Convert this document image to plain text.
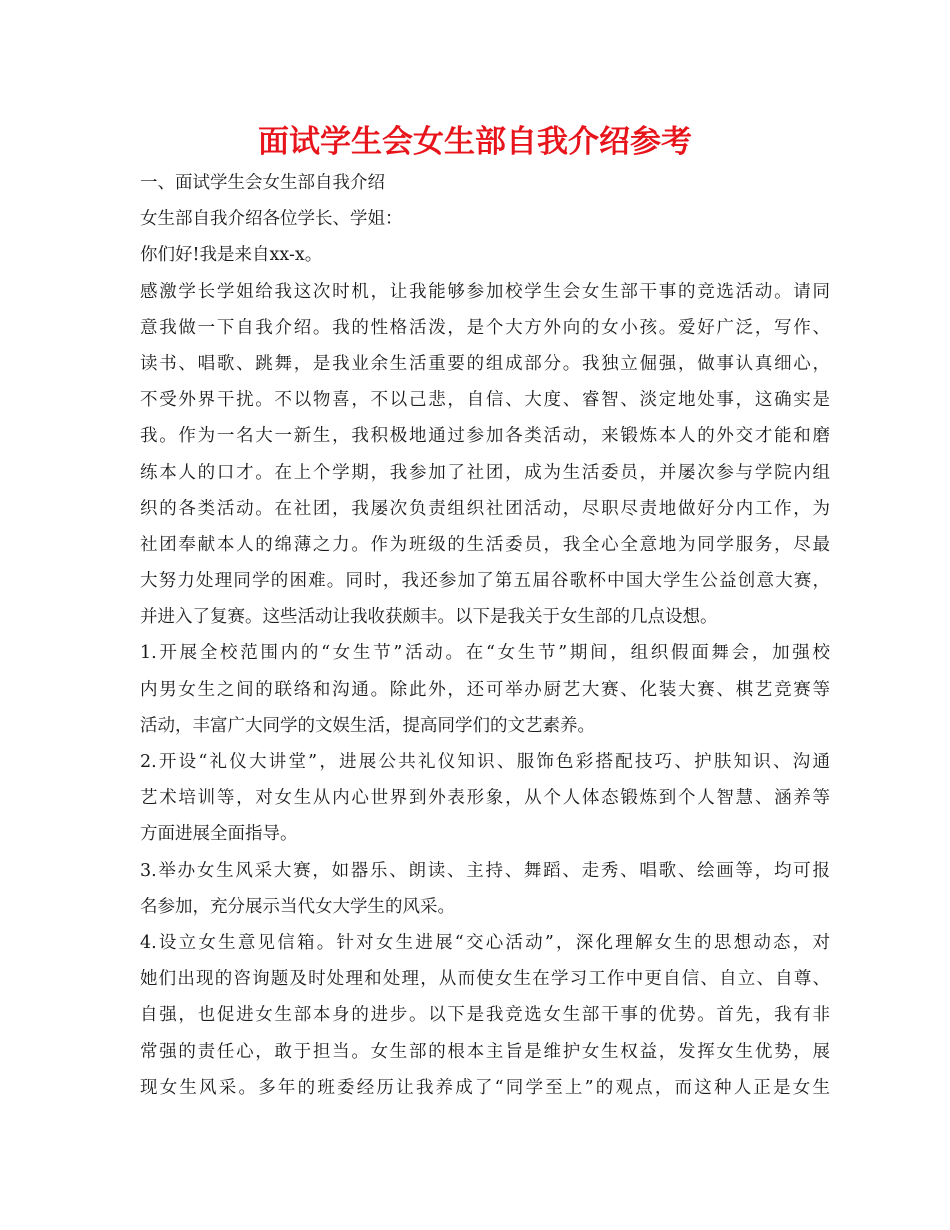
面试学生会女生部自我介绍参考
一、面试学生会女生部自我介绍
女生部自我介绍各位学长、学姐：
你们好!我是来自xx-x。
感激学长学姐给我这次时机，让我能够参加校学生会女生部干事的竞选活动。请同
意我做一下自我介绍。我的性格活泼，是个大方外向的女小孩。爱好广泛，写作、
读书、唱歌、跳舞，是我业余生活重要的组成部分。我独立倔强，做事认真细心，
不受外界干扰。不以物喜，不以己悲，自信、大度、睿智、淡定地处事，这确实是
我。作为一名大一新生，我积极地通过参加各类活动，来锻炼本人的外交才能和磨
练本人的口才。在上个学期，我参加了社团，成为生活委员，并屡次参与学院内组
织的各类活动。在社团，我屡次负责组织社团活动，尽职尽责地做好分内工作，为
社团奉献本人的绵薄之力。作为班级的生活委员，我全心全意地为同学服务，尽最
大努力处理同学的困难。同时，我还参加了第五届谷歌杯中国大学生公益创意大赛，
并进入了复赛。这些活动让我收获颇丰。以下是我关于女生部的几点设想。
1.开展全校范围内的“女生节”活动。在“女生节”期间，组织假面舞会，加强校
内男女生之间的联络和沟通。除此外，还可举办厨艺大赛、化装大赛、棋艺竞赛等
活动，丰富广大同学的文娱生活，提高同学们的文艺素养。
2.开设“礼仪大讲堂”，进展公共礼仪知识、服饰色彩搭配技巧、护肤知识、沟通
艺术培训等，对女生从内心世界到外表形象，从个人体态锻炼到个人智慧、涵养等
方面进展全面指导。
3.举办女生风采大赛，如器乐、朗读、主持、舞蹈、走秀、唱歌、绘画等，均可报
名参加，充分展示当代女大学生的风采。
4.设立女生意见信箱。针对女生进展“交心活动”，深化理解女生的思想动态，对
她们出现的咨询题及时处理和处理，从而使女生在学习工作中更自信、自立、自尊、
自强，也促进女生部本身的进步。以下是我竞选女生部干事的优势。首先，我有非
常强的责任心，敢于担当。女生部的根本主旨是维护女生权益，发挥女生优势，展
现女生风采。多年的班委经历让我养成了“同学至上”的观点，而这种人正是女生
